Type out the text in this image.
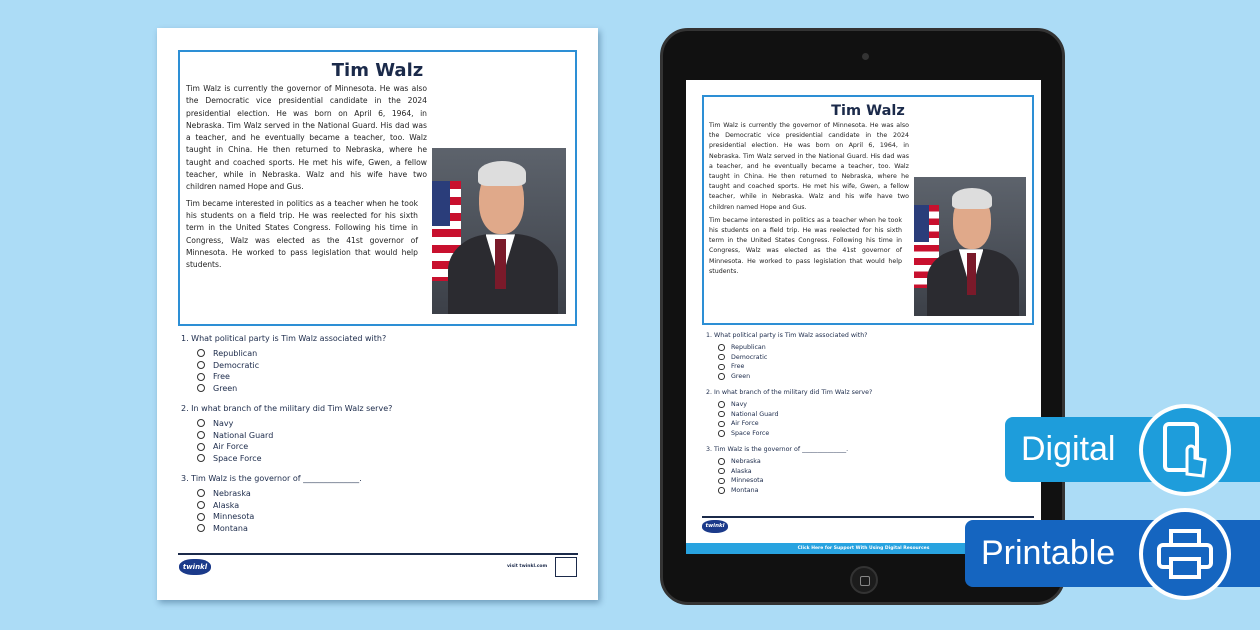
Tim Walz
Tim Walz is currently the governor of Minnesota. He was also the Democratic vice presidential candidate in the 2024 presidential election. He was born on April 6, 1964, in Nebraska. Tim Walz served in the National Guard. His dad was a teacher, and he eventually became a teacher, too. Walz taught in China. He then returned to Nebraska, where he taught and coached sports. He met his wife, Gwen, a fellow teacher, while in Nebraska. Walz and his wife have two children named Hope and Gus.
Tim became interested in politics as a teacher when he took his students on a field trip. He was reelected for his sixth term in the United States Congress. Following his time in Congress, Walz was elected as the 41st governor of Minnesota. He worked to pass legislation that would help students.
1. What political party is Tim Walz associated with?
Republican
Democratic
Free
Green
2. In what branch of the military did Tim Walz serve?
Navy
National Guard
Air Force
Space Force
3. Tim Walz is the governor of ______________.
Nebraska
Alaska
Minnesota
Montana
twinkl	visit twinkl.com
Tim Walz
Tim Walz is currently the governor of Minnesota. He was also the Democratic vice presidential candidate in the 2024 presidential election. He was born on April 6, 1964, in Nebraska. Tim Walz served in the National Guard. His dad was a teacher, and he eventually became a teacher, too. Walz taught in China. He then returned to Nebraska, where he taught and coached sports. He met his wife, Gwen, a fellow teacher, while in Nebraska. Walz and his wife have two children named Hope and Gus.
Tim became interested in politics as a teacher when he took his students on a field trip. He was reelected for his sixth term in the United States Congress. Following his time in Congress, Walz was elected as the 41st governor of Minnesota. He worked to pass legislation that would help students.
1. What political party is Tim Walz associated with?
Republican
Democratic
Free
Green
2. In what branch of the military did Tim Walz serve?
Navy
National Guard
Air Force
Space Force
3. Tim Walz is the governor of ______________.
Nebraska
Alaska
Minnesota
Montana
twinkl
Click Here for Support With Using Digital Resources
Digital
Printable
